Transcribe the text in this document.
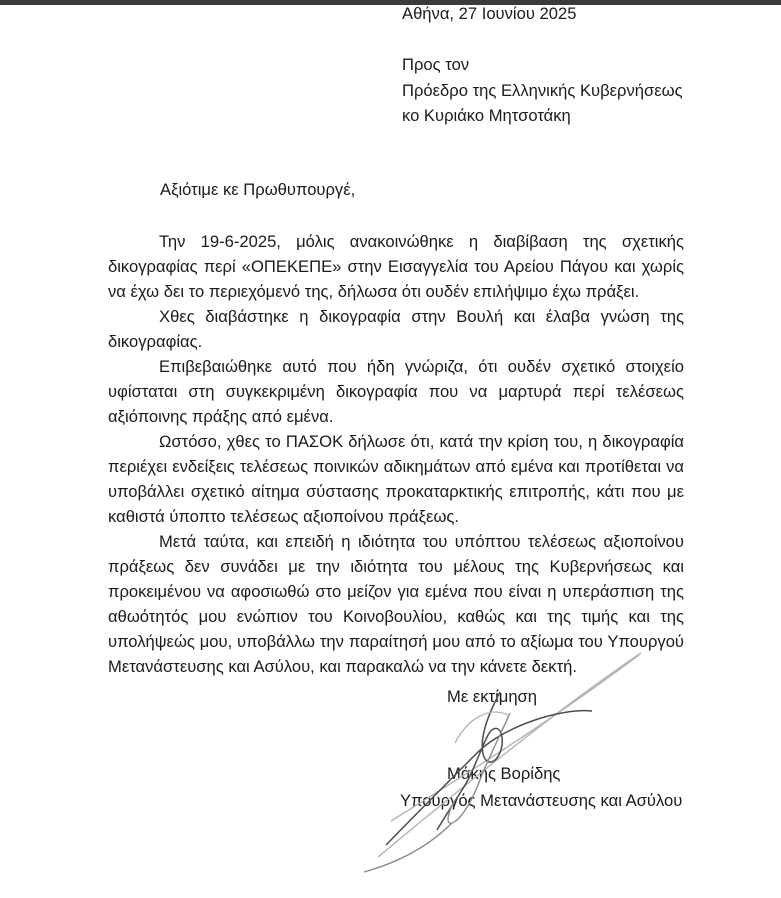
Αθήνα, 27 Ιουνίου 2025
Προς τον
Πρόεδρο της Ελληνικής Κυβερνήσεως
κο Κυριάκο Μητσοτάκη
Αξιότιμε κε Πρωθυπουργέ,

Την 19-6-2025, μόλις ανακοινώθηκε η διαβίβαση της σχετικής δικογραφίας περί «ΟΠΕΚΕΠΕ» στην Εισαγγελία του Αρείου Πάγου και χωρίς να έχω δει το περιεχόμενό της, δήλωσα ότι ουδέν επιλήψιμο έχω πράξει.

Χθες διαβάστηκε η δικογραφία στην Βουλή και έλαβα γνώση της δικογραφίας.

Επιβεβαιώθηκε αυτό που ήδη γνώριζα, ότι ουδέν σχετικό στοιχείο υφίσταται στη συγκεκριμένη δικογραφία που να μαρτυρά περί τελέσεως αξιόποινης πράξης από εμένα.

Ωστόσο, χθες το ΠΑΣΟΚ δήλωσε ότι, κατά την κρίση του, η δικογραφία περιέχει ενδείξεις τελέσεως ποινικών αδικημάτων από εμένα και προτίθεται να υποβάλλει σχετικό αίτημα σύστασης προκαταρκτικής επιτροπής, κάτι που με καθιστά ύποπτο τελέσεως αξιοποίνου πράξεως.

Μετά ταύτα, και επειδή η ιδιότητα του υπόπτου τελέσεως αξιοποίνου πράξεως δεν συνάδει με την ιδιότητα του μέλους της Κυβερνήσεως και προκειμένου να αφοσιωθώ στο μείζον για εμένα που είναι η υπεράσπιση της αθωότητός μου ενώπιον του Κοινοβουλίου, καθώς και της τιμής και της υπολήψεώς μου, υποβάλλω την παραίτησή μου από το αξίωμα του Υπουργού Μετανάστευσης και Ασύλου, και παρακαλώ να την κάνετε δεκτή.

Με εκτίμηση
Μάκης Βορίδης
Υπουργός Μετανάστευσης και Ασύλου
